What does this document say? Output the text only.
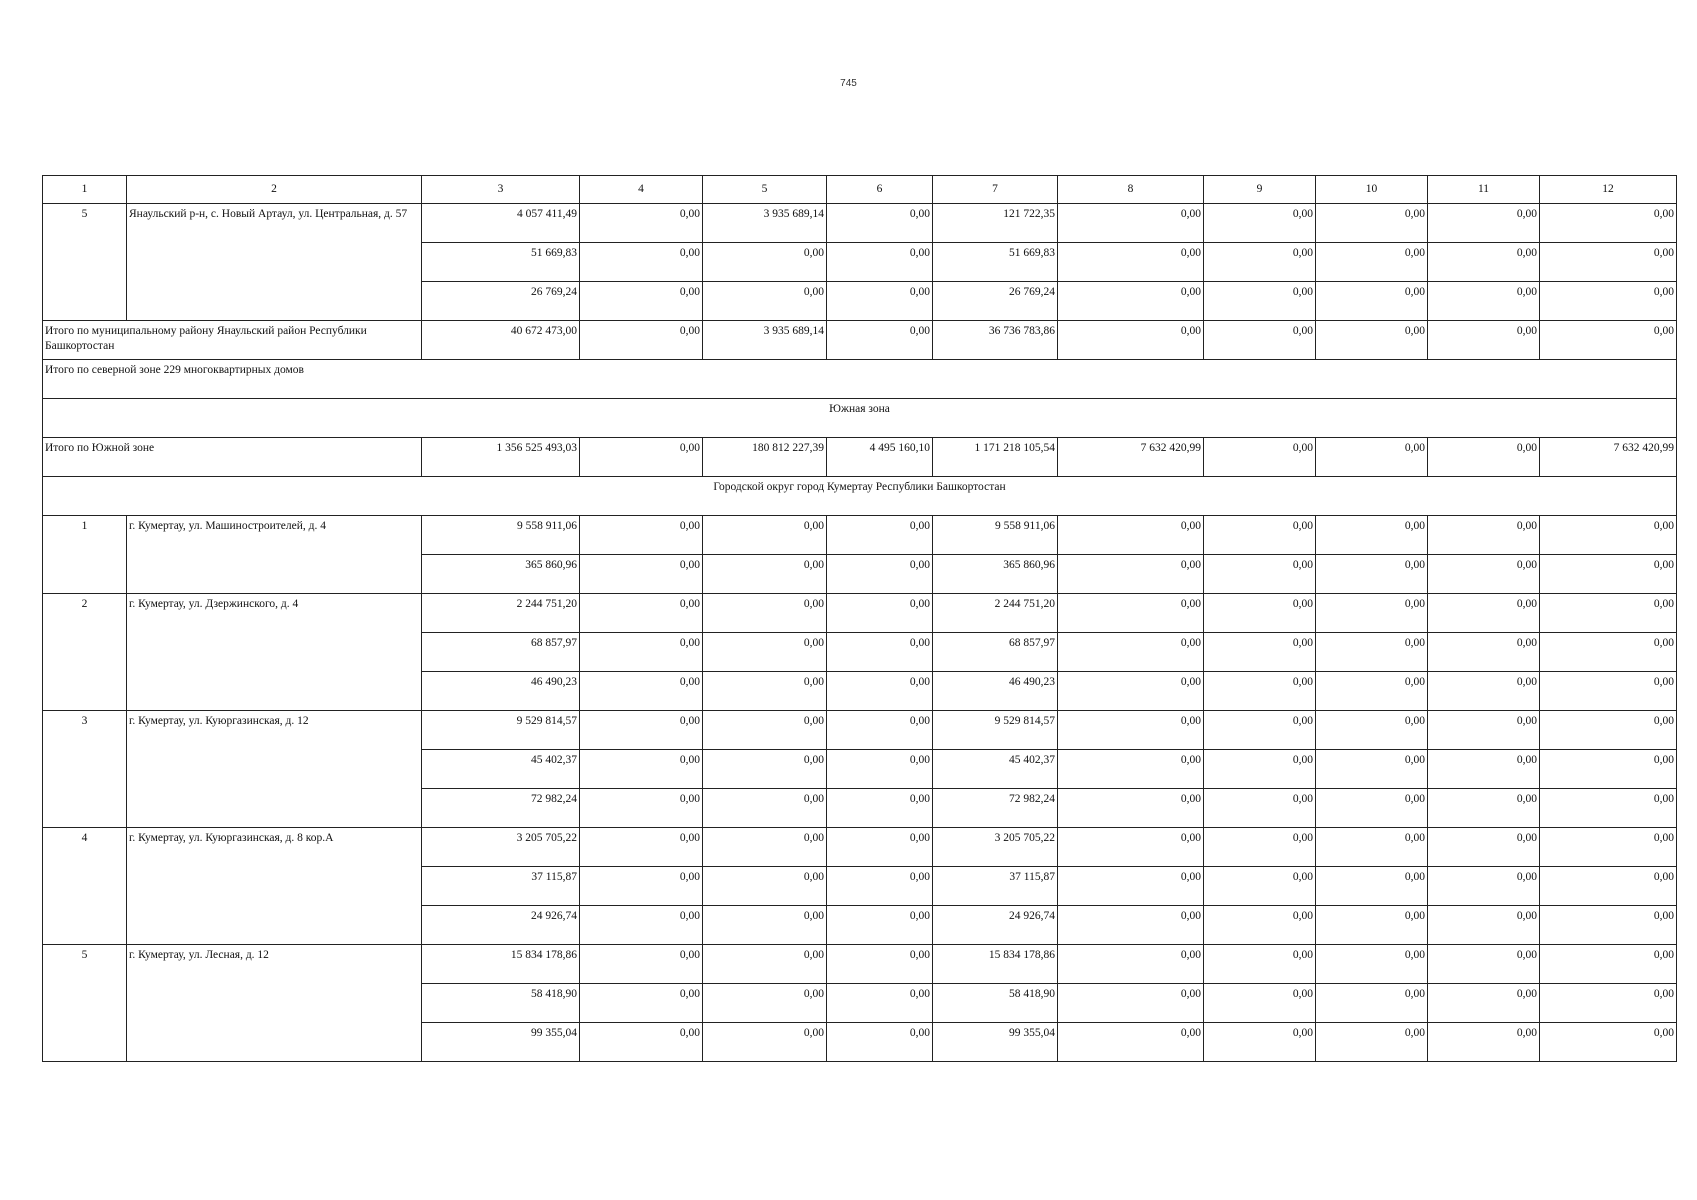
745
1	2	3	4	5	6	7	8	9	10	11	12
5	Янаульский р-н, с. Новый Артаул, ул. Центральная, д. 57	4 057 411,49	0,00	3 935 689,14	0,00	121 722,35	0,00	0,00	0,00	0,00	0,00
		51 669,83	0,00	0,00	0,00	51 669,83	0,00	0,00	0,00	0,00	0,00
		26 769,24	0,00	0,00	0,00	26 769,24	0,00	0,00	0,00	0,00	0,00
Итого по муниципальному району Янаульский район Республики Башкортостан		40 672 473,00	0,00	3 935 689,14	0,00	36 736 783,86	0,00	0,00	0,00	0,00	0,00
Итого по северной зоне 229 многоквартирных домов											
Южная зона											
Итого по Южной зоне		1 356 525 493,03	0,00	180 812 227,39	4 495 160,10	1 171 218 105,54	7 632 420,99	0,00	0,00	0,00	7 632 420,99
Городской округ город Кумертау Республики Башкортостан											
1	г. Кумертау, ул. Машиностроителей, д. 4	9 558 911,06	0,00	0,00	0,00	9 558 911,06	0,00	0,00	0,00	0,00	0,00
		365 860,96	0,00	0,00	0,00	365 860,96	0,00	0,00	0,00	0,00	0,00
2	г. Кумертау, ул. Дзержинского, д. 4	2 244 751,20	0,00	0,00	0,00	2 244 751,20	0,00	0,00	0,00	0,00	0,00
		68 857,97	0,00	0,00	0,00	68 857,97	0,00	0,00	0,00	0,00	0,00
		46 490,23	0,00	0,00	0,00	46 490,23	0,00	0,00	0,00	0,00	0,00
3	г. Кумертау, ул. Куюргазинская, д. 12	9 529 814,57	0,00	0,00	0,00	9 529 814,57	0,00	0,00	0,00	0,00	0,00
		45 402,37	0,00	0,00	0,00	45 402,37	0,00	0,00	0,00	0,00	0,00
		72 982,24	0,00	0,00	0,00	72 982,24	0,00	0,00	0,00	0,00	0,00
4	г. Кумертау, ул. Куюргазинская, д. 8 кор.А	3 205 705,22	0,00	0,00	0,00	3 205 705,22	0,00	0,00	0,00	0,00	0,00
		37 115,87	0,00	0,00	0,00	37 115,87	0,00	0,00	0,00	0,00	0,00
		24 926,74	0,00	0,00	0,00	24 926,74	0,00	0,00	0,00	0,00	0,00
5	г. Кумертау, ул. Лесная, д. 12	15 834 178,86	0,00	0,00	0,00	15 834 178,86	0,00	0,00	0,00	0,00	0,00
		58 418,90	0,00	0,00	0,00	58 418,90	0,00	0,00	0,00	0,00	0,00
		99 355,04	0,00	0,00	0,00	99 355,04	0,00	0,00	0,00	0,00	0,00
